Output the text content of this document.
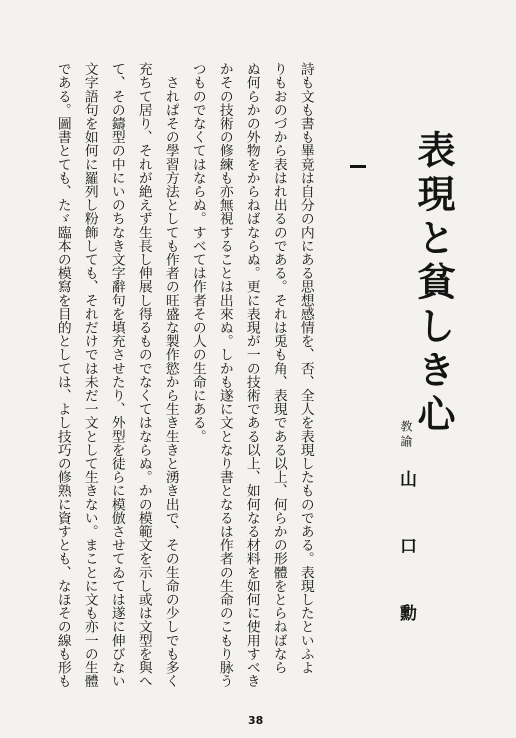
表現と貧しき心
教諭 山 口 勳
詩も文も書も畢竟は自分の内にある思想感情を、否、全人を表現したものである。表現したといふよ
りもおのづから表はれ出るのである。それは兎も角、表現である以上、何らかの形體をとらねばなら
ぬ何らかの外物をからねばならぬ。更に表現が一の技術である以上、如何なる材料を如何に使用すべき
かその技術の修練も亦無視することは出來ぬ。しかも遂に文となり書となるは作者の生命のこもり脉う
つものでなくてはならぬ。すべては作者その人の生命にある。
　されぱその學習方法としても作者の旺盛な製作慾から生き生きと湧き出で、その生命の少しでも多く
充ちて居り、それが絶えず生長し伸展し得るものでなくてはならぬ。かの模範文を示し或は文型を與へ
て、その鑄型の中にいのちなき文字辭句を填充させたり、外型を徒らに模倣させてゐては遂に伸びない
文字語句を如何に羅列し粉飾しても、それだけでは未だ一文として生きない。まことに文も亦一の生體
である。圖書とても、たゞ臨本の模寫を目的としては、よし技巧の修熟に資すとも、なほその線も形も
38
